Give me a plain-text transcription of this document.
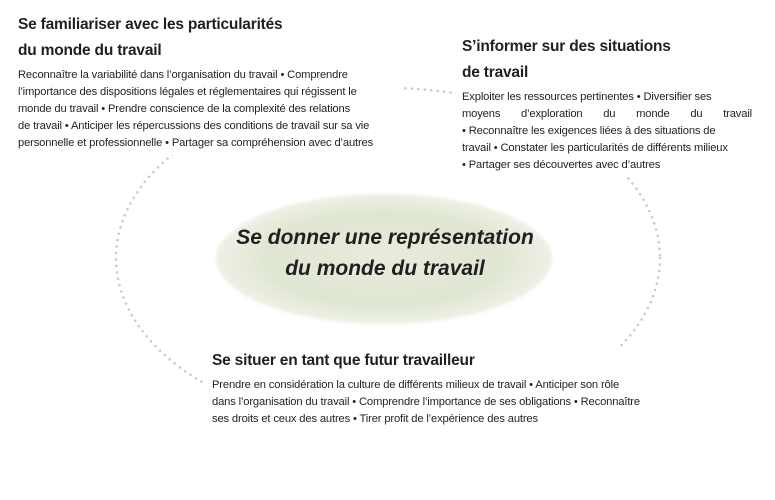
Se donner une représentation
du monde du travail
Se familiariser avec les particularités
du monde du travail
Reconnaître la variabilité dans l’organisation du travail • Comprendre
l’importance des dispositions légales et réglementaires qui régissent le
monde du travail • Prendre conscience de la complexité des relations
de travail • Anticiper les répercussions des conditions de travail sur sa vie
personnelle et professionnelle • Partager sa compréhension avec d’autres
S’informer sur des situations
de travail
Exploiter les ressources pertinentes • Diversifier ses
moyens d’exploration du monde du travail
• Reconnaître les exigences liées à des situations de
travail • Constater les particularités de différents milieux
• Partager ses découvertes avec d’autres
Se situer en tant que futur travailleur
Prendre en considération la culture de différents milieux de travail • Anticiper son rôle
dans l’organisation du travail • Comprendre l’importance de ses obligations • Reconnaître
ses droits et ceux des autres • Tirer profit de l’expérience des autres
